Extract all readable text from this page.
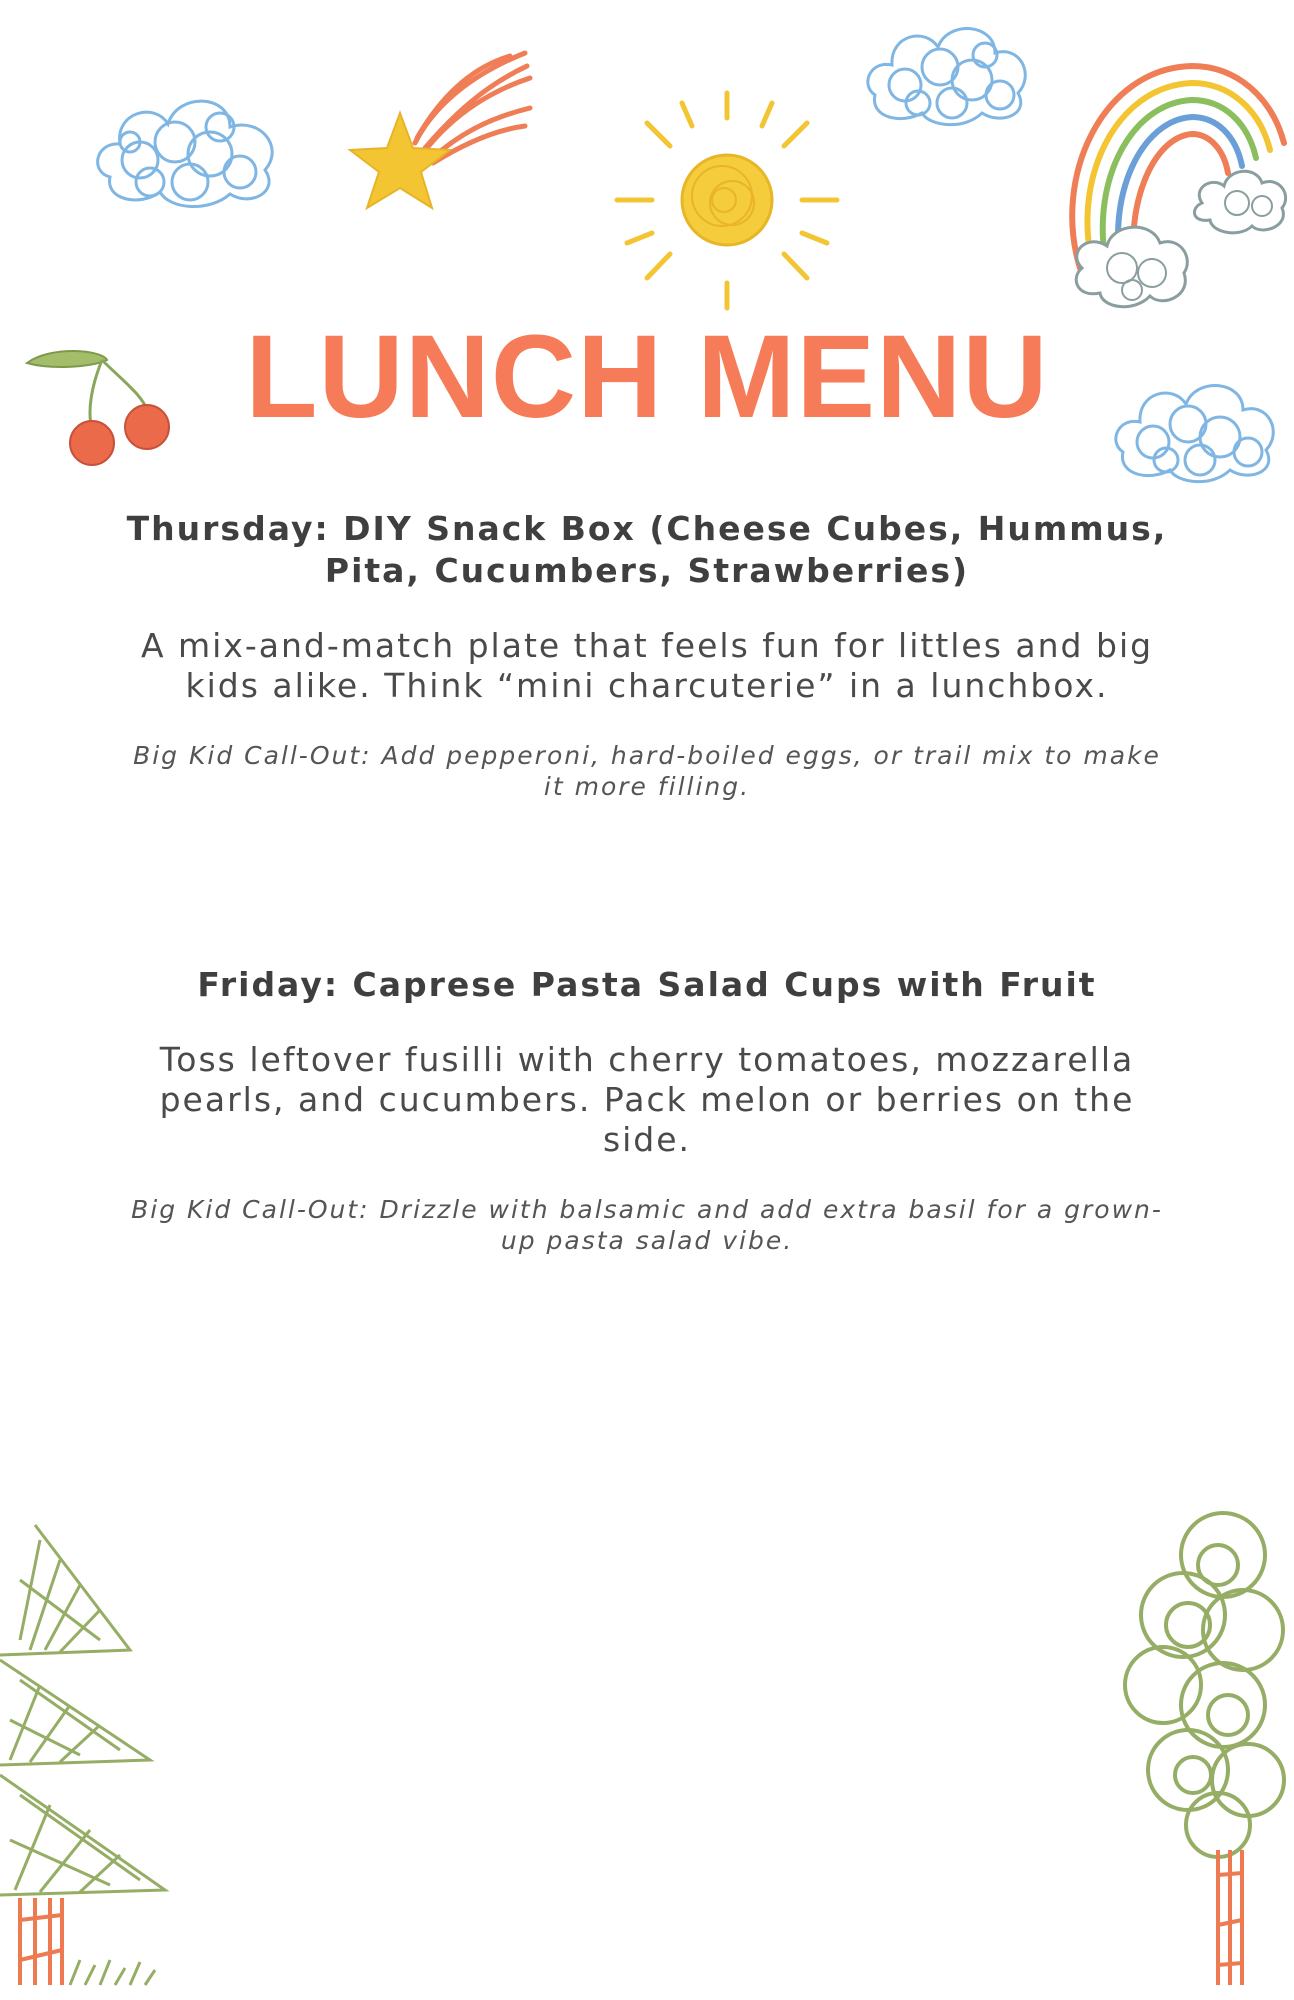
LUNCH MENU

Thursday: DIY Snack Box (Cheese Cubes, Hummus, Pita, Cucumbers, Strawberries)

A mix-and-match plate that feels fun for littles and big kids alike. Think “mini charcuterie” in a lunchbox.

Big Kid Call-Out: Add pepperoni, hard-boiled eggs, or trail mix to make it more filling.

Friday: Caprese Pasta Salad Cups with Fruit

Toss leftover fusilli with cherry tomatoes, mozzarella pearls, and cucumbers. Pack melon or berries on the side.

Big Kid Call-Out: Drizzle with balsamic and add extra basil for a grown-up pasta salad vibe.
